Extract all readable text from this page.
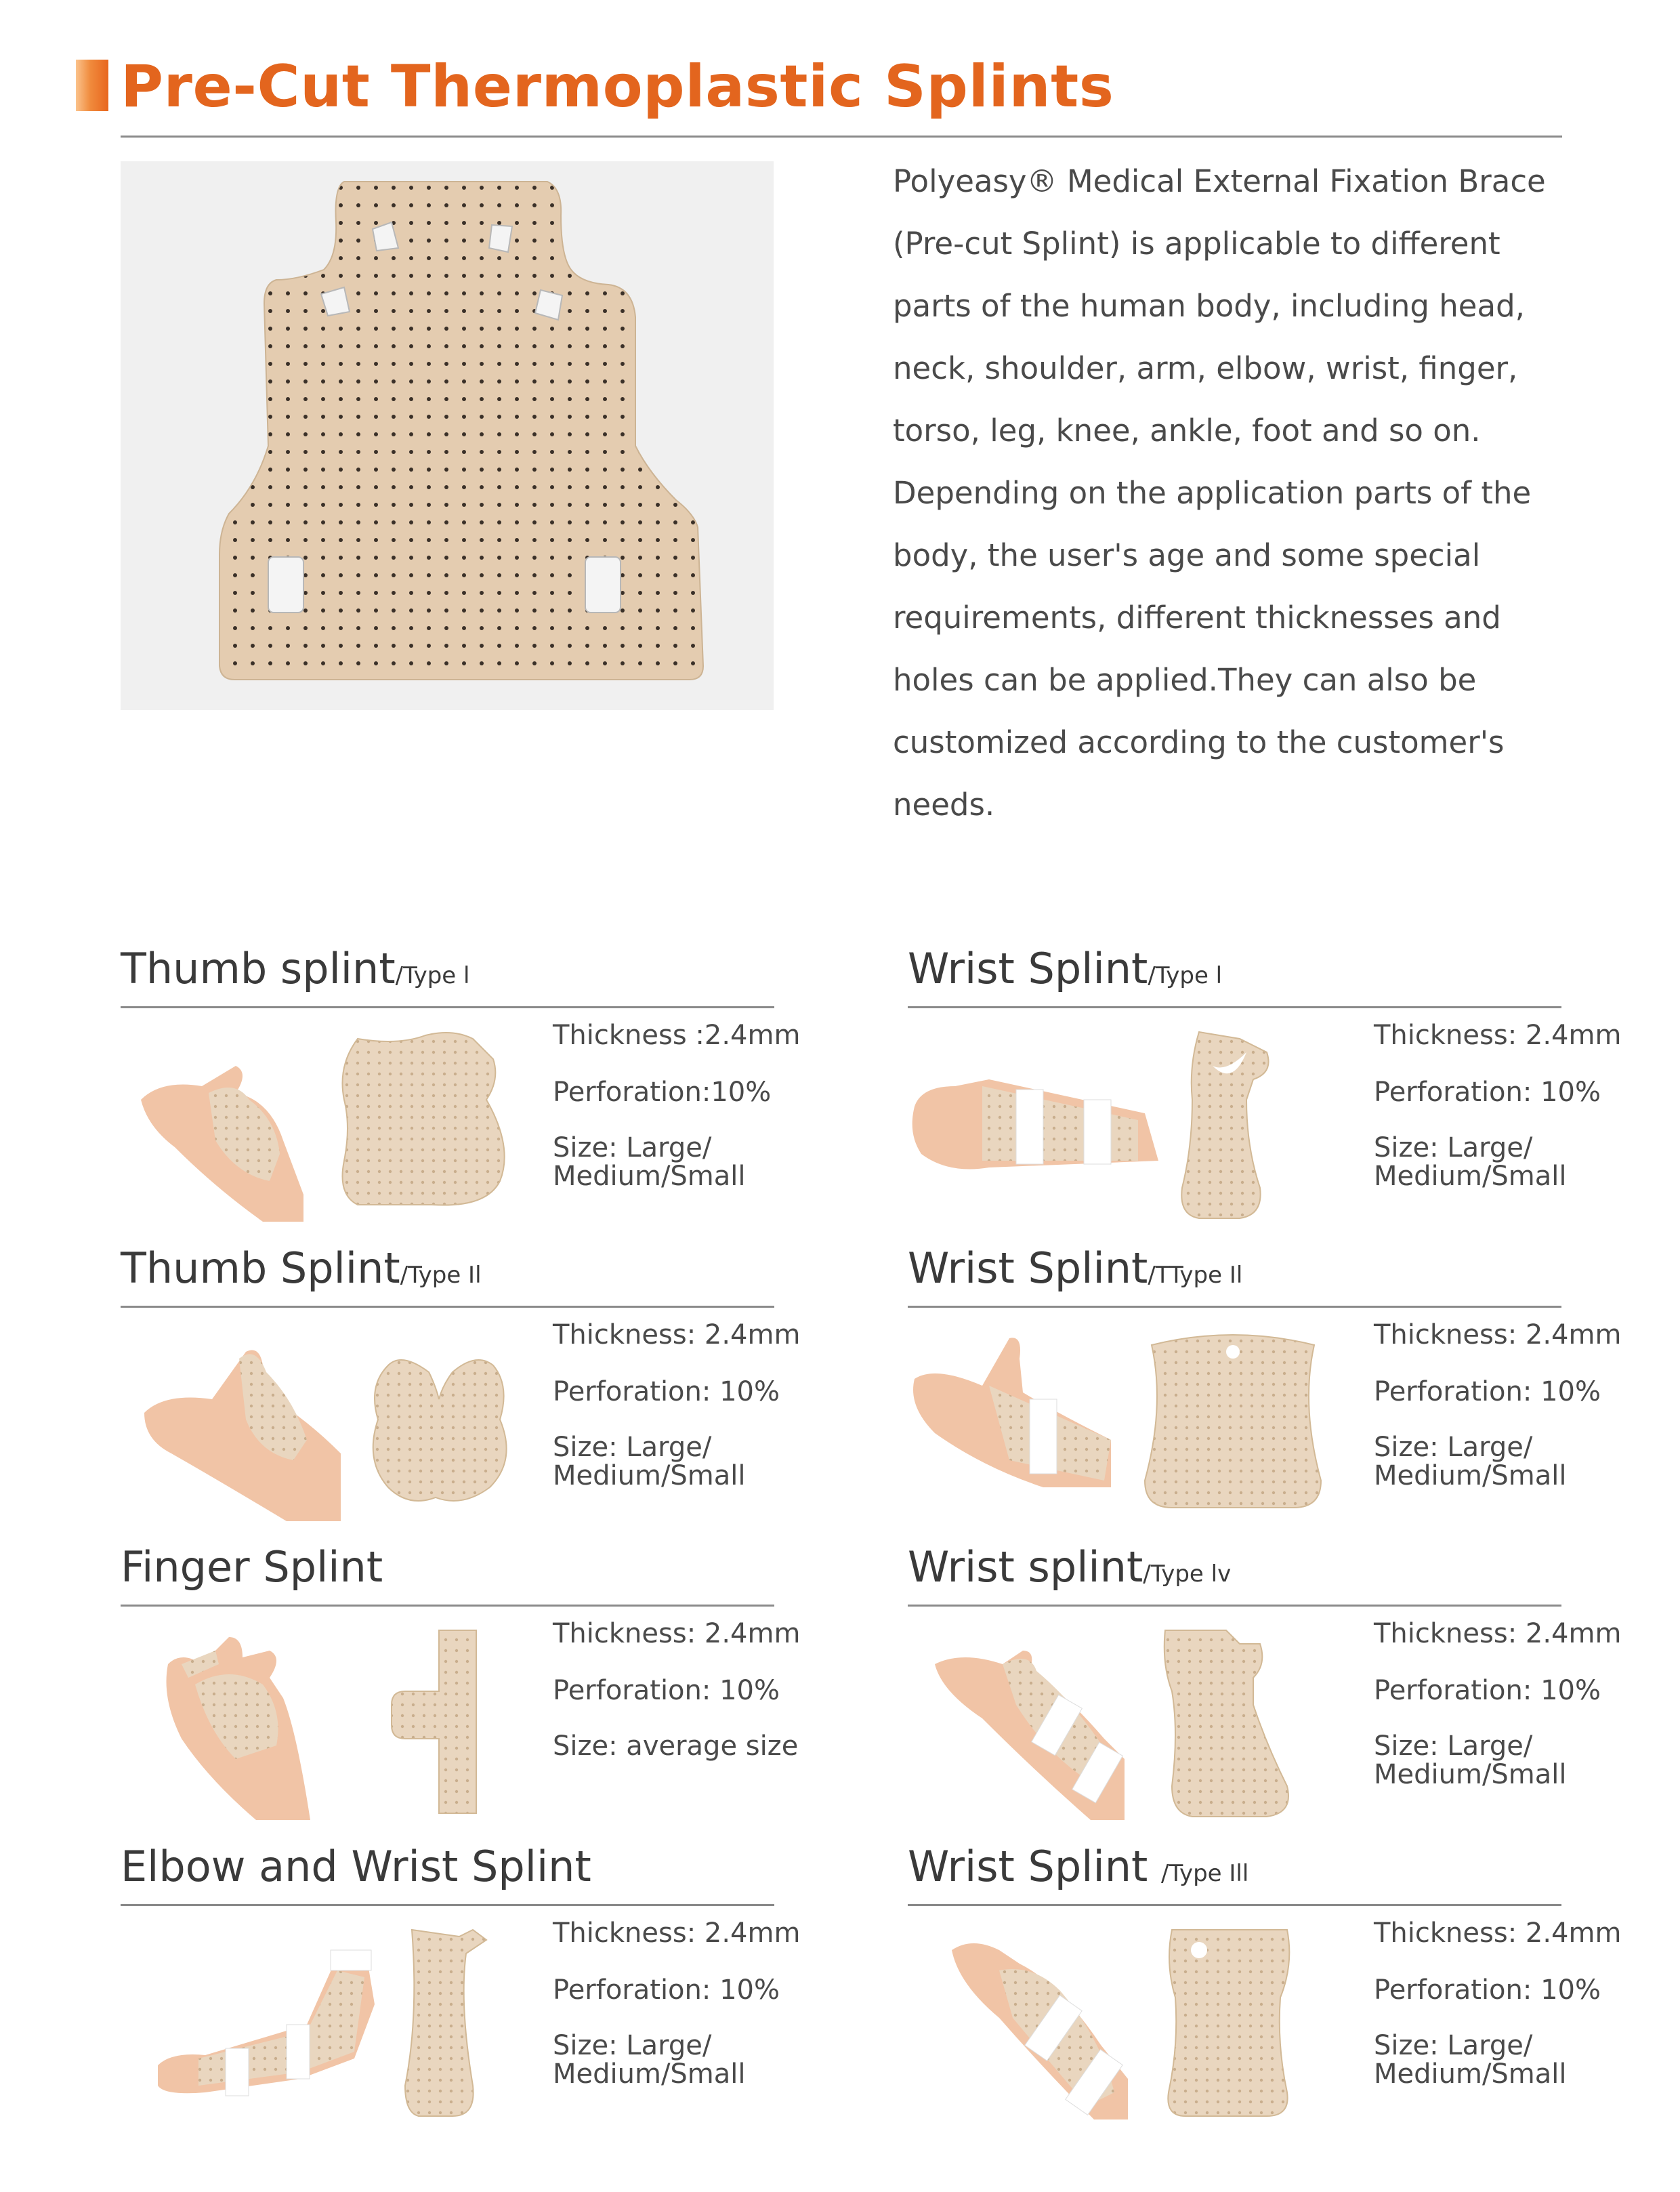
Pre-Cut Thermoplastic Splints

Polyeasy® Medical External Fixation Brace

(Pre-cut Splint) is applicable to different

parts of the human body, including head,

neck, shoulder, arm, elbow, wrist, finger,

torso, leg, knee, ankle, foot and so on.

Depending on the application parts of the

body, the user's age and some special

requirements, different thicknesses and

holes can be applied.They can also be

customized according to the customer's

needs.

Thumb splint/Type l
Thickness :2.4mm
Perforation:10%
Size: Large/ Medium/Small
Wrist Splint/Type l
Thickness: 2.4mm
Perforation: 10%
Size: Large/ Medium/Small
Thumb Splint/Type Il
Thickness: 2.4mm
Perforation: 10%
Size: Large/ Medium/Small
Wrist Splint/TType Il
Thickness: 2.4mm
Perforation: 10%
Size: Large/ Medium/Small
Finger Splint
Thickness: 2.4mm
Perforation: 10%
Size: average size
Wrist splint/Type lv
Thickness: 2.4mm
Perforation: 10%
Size: Large/ Medium/Small
Elbow and Wrist Splint
Thickness: 2.4mm
Perforation: 10%
Size: Large/ Medium/Small
Wrist Splint /Type Ill
Thickness: 2.4mm
Perforation: 10%
Size: Large/ Medium/Small
